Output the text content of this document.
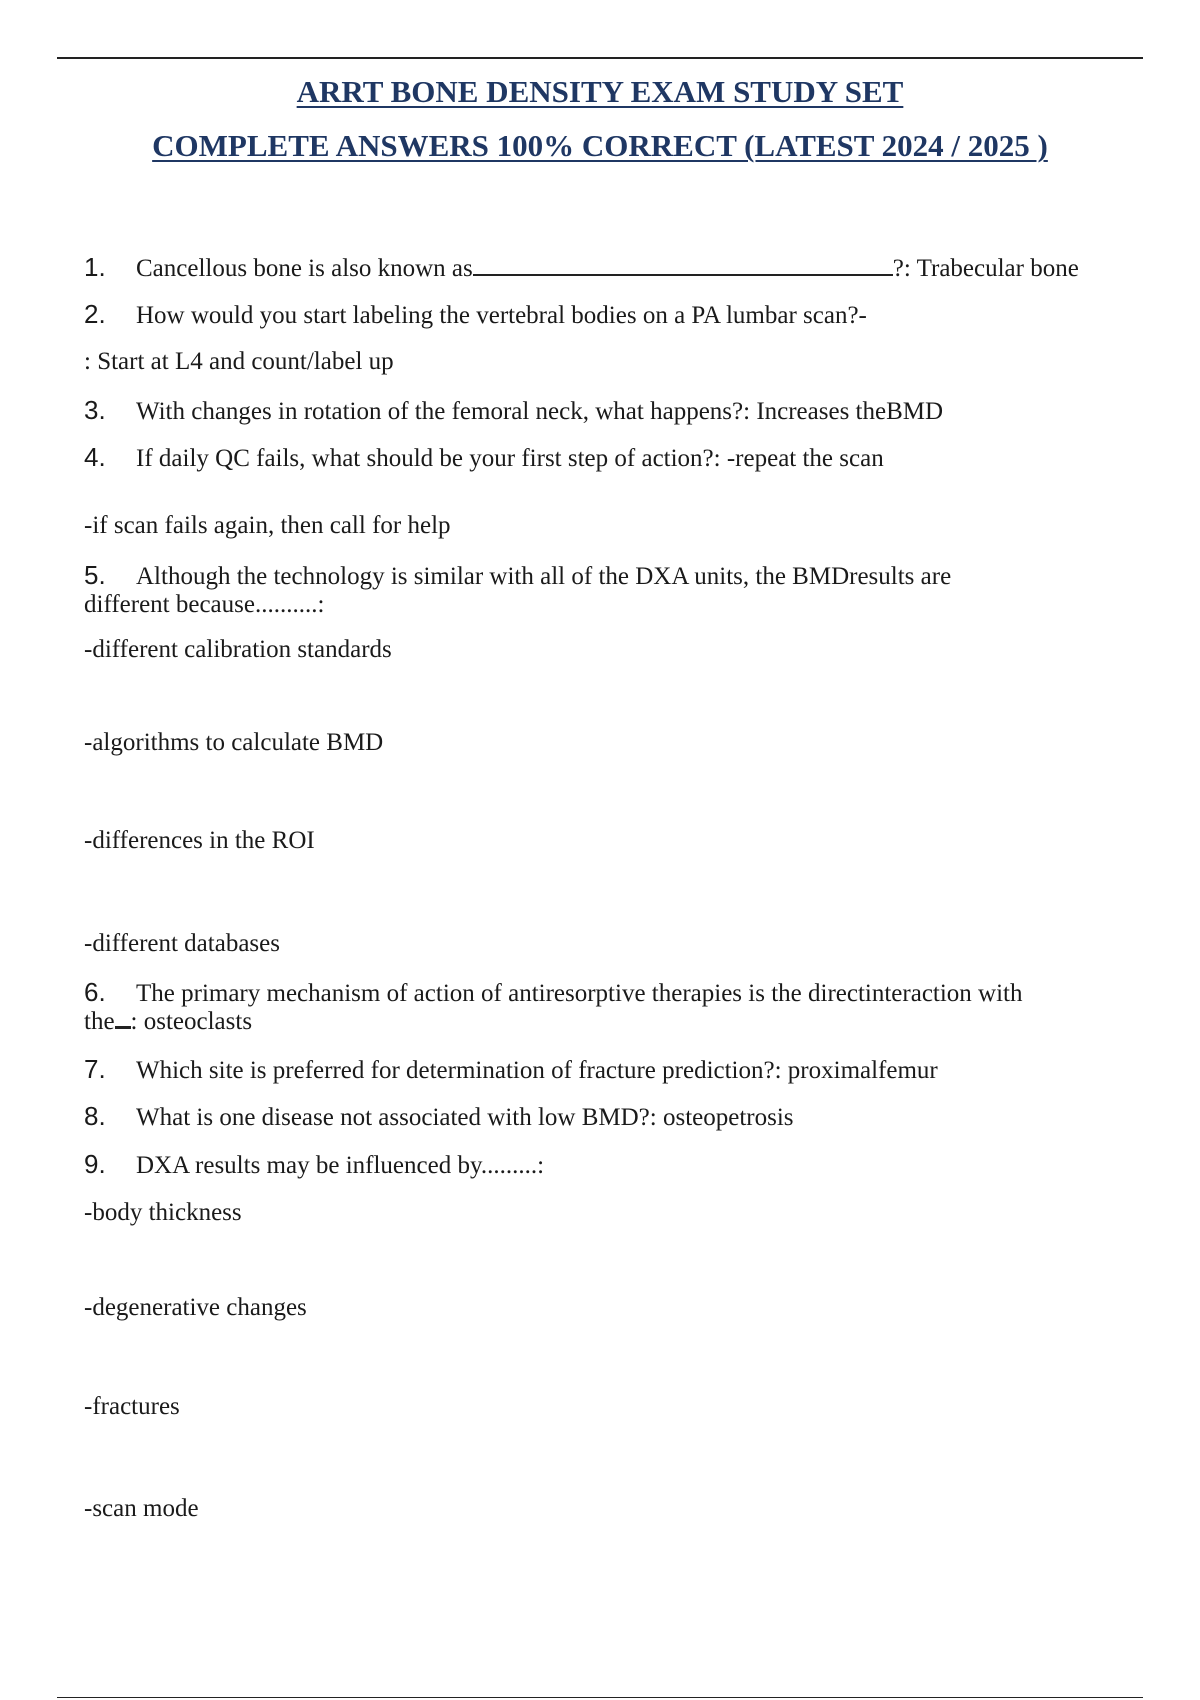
ARRT BONE DENSITY EXAM STUDY SET
COMPLETE ANSWERS 100% CORRECT (LATEST 2024 / 2025 )
1. Cancellous bone is also known as	?: Trabecular bone
2. How would you start labeling the vertebral bodies on a PA lumbar scan?-
: Start at L4 and count/label up
3. With changes in rotation of the femoral neck, what happens?: Increases theBMD
4. If daily QC fails, what should be your first step of action?: -repeat the scan
-if scan fails again, then call for help
5. Although the technology is similar with all of the DXA units, the BMDresults are
different because..........:
-different calibration standards
-algorithms to calculate BMD
-differences in the ROI
-different databases
6. The primary mechanism of action of antiresorptive therapies is the directinteraction with
the : osteoclasts
7. Which site is preferred for determination of fracture prediction?: proximalfemur
8. What is one disease not associated with low BMD?: osteopetrosis
9. DXA results may be influenced by.........:
-body thickness
-degenerative changes
-fractures
-scan mode
